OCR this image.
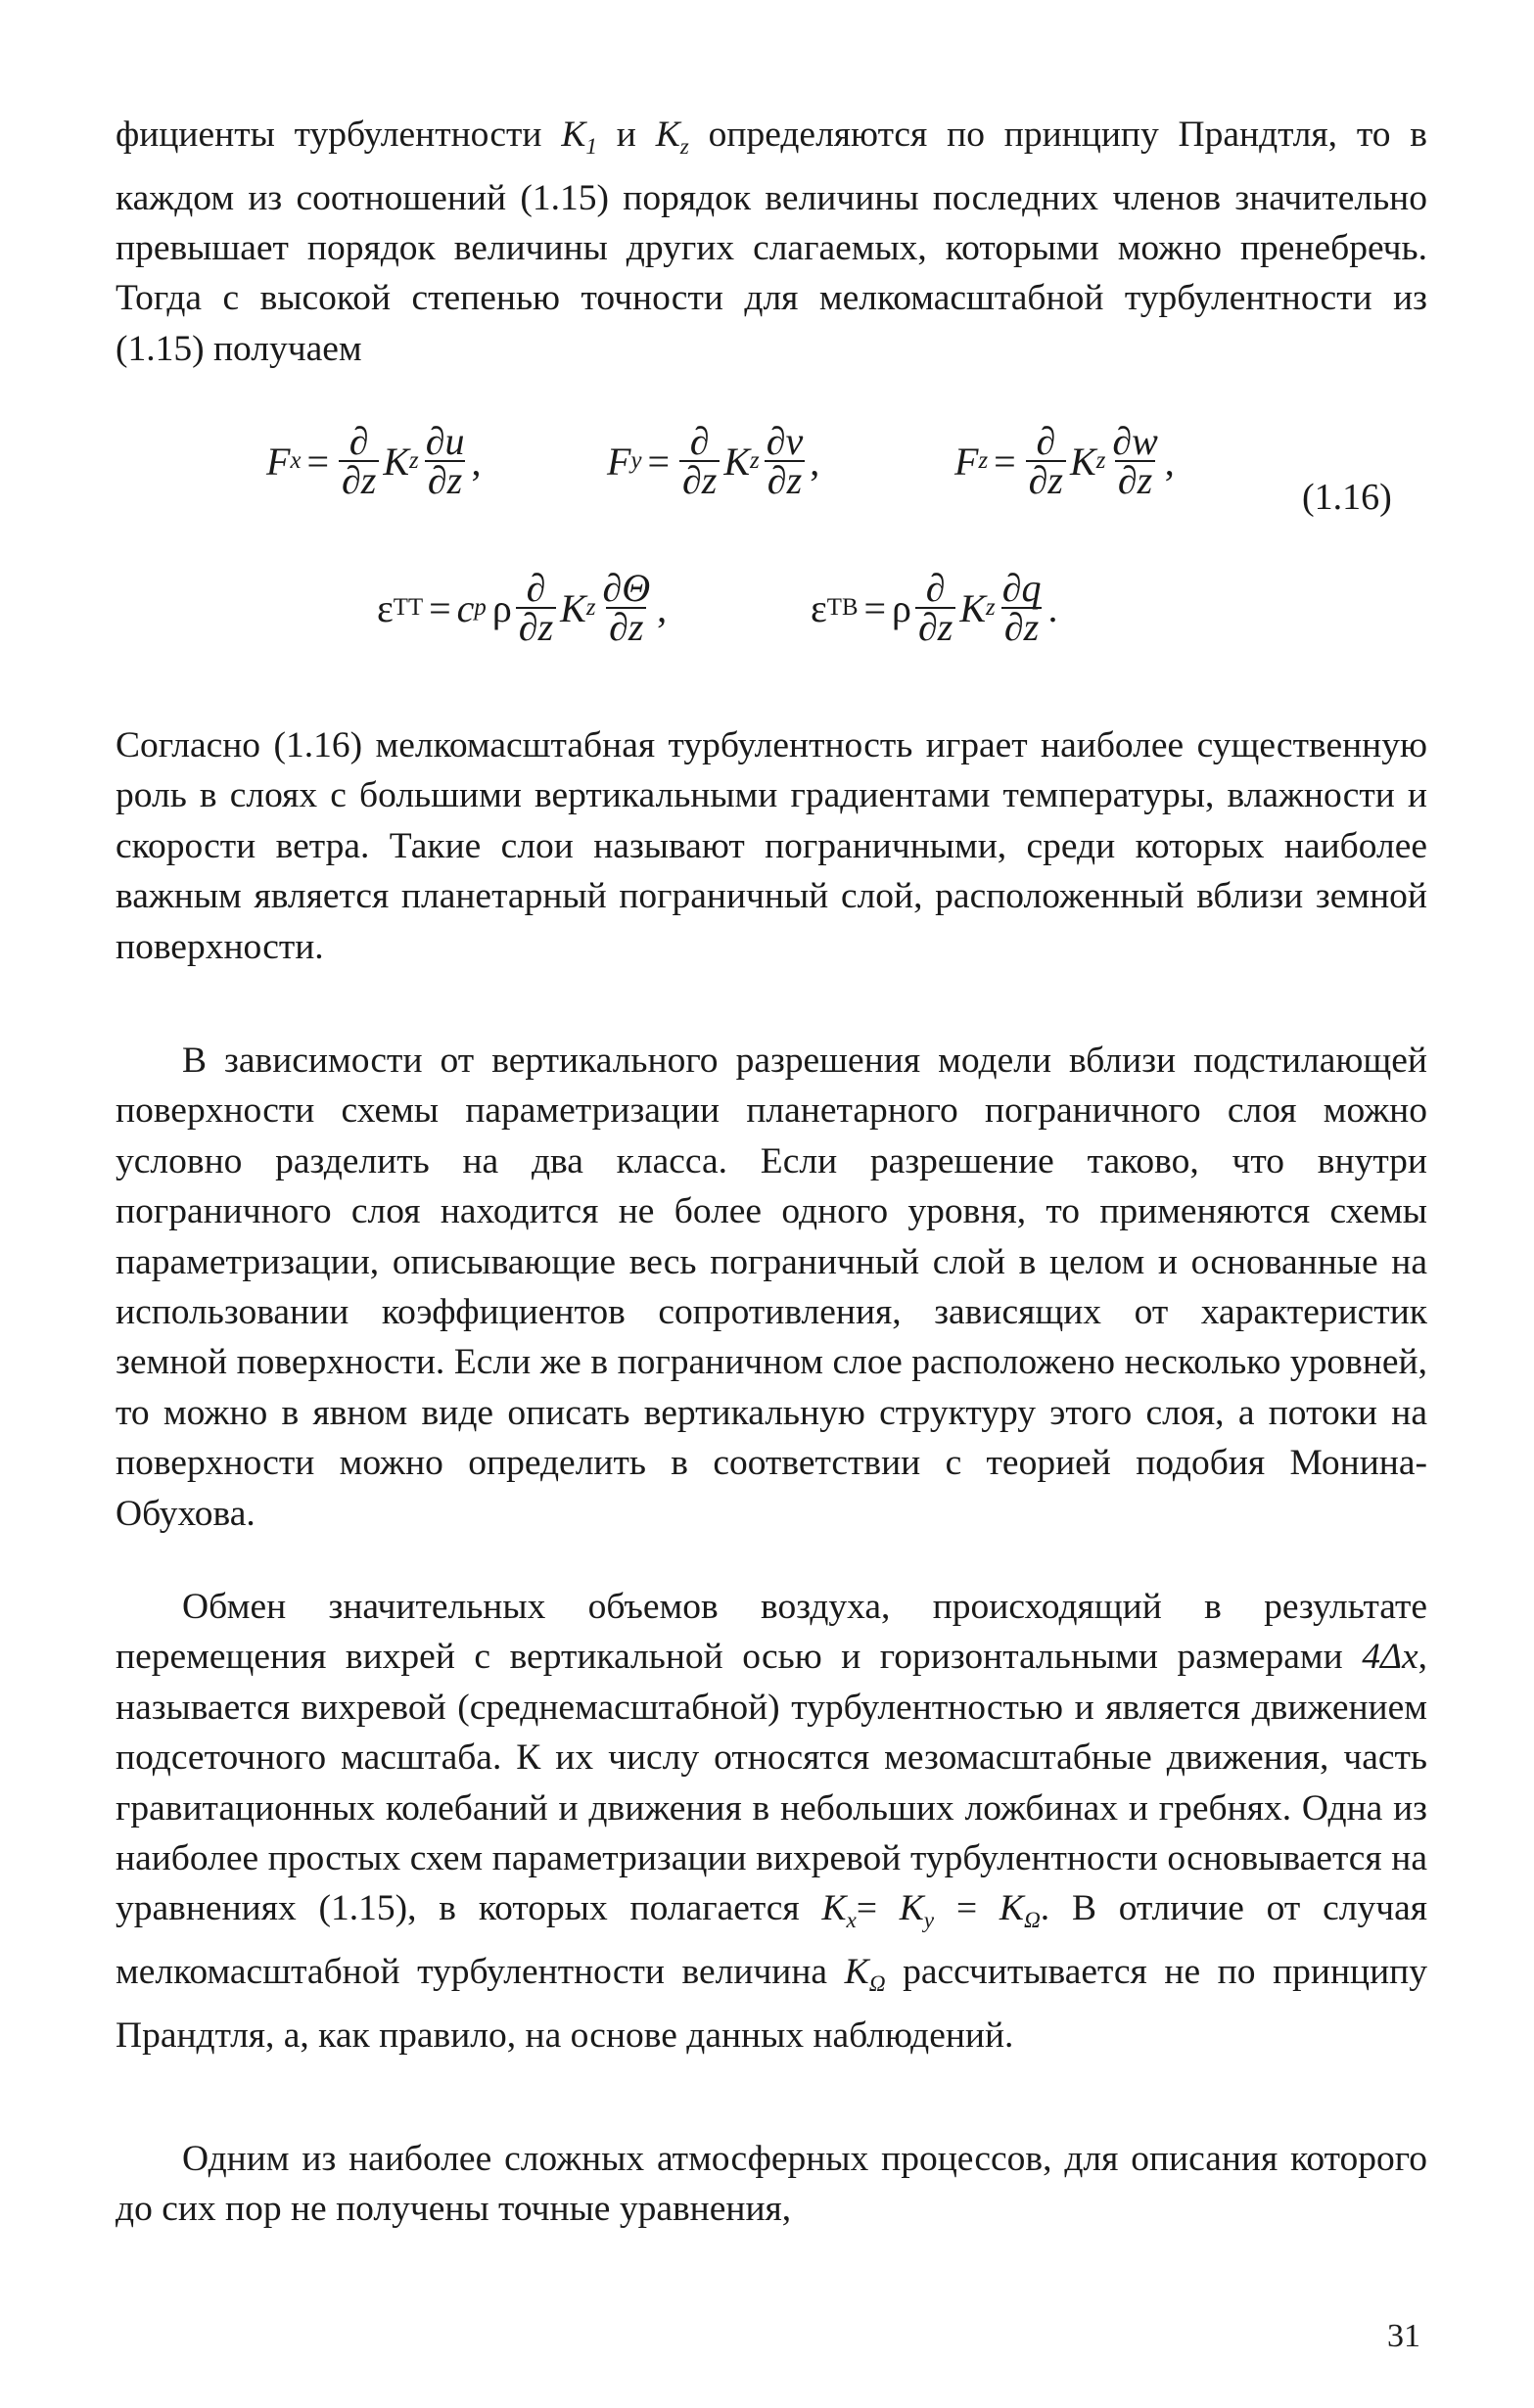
фициенты турбулентности $K_1$ и $K_z$ определяются по принципу Прандтля, то в каждом из соотношений (1.15) порядок величины последних членов значительно превышает порядок величины других слагаемых, которыми можно пренебречь. Тогда с высокой степенью точности для мелкомасштабной турбулентности из (1.15) получаем

F $x = \frac{\partial}{\partial z}$ K z $\frac{\partial u}{\partial z}$ ,	F $y = \frac{\partial}{\partial z}$ K z $\frac{\partial v}{\partial z}$ ,	F $z = \frac{\partial}{\partial z}$ K z $\frac{\partial w}{\partial z}$ ,
(1.16)
ε TT = c p ρ $\frac{\partial}{\partial z}$ K z $\frac{\partial\Theta}{\partial z}$ ,	ε TB = ρ $\frac{\partial}{\partial z}$ K z $\frac{\partial q}{\partial z}$ .

Согласно (1.16) мелкомасштабная турбулентность играет наиболее существенную роль в слоях с большими вертикальными градиентами температуры, влажности и скорости ветра. Такие слои называют пограничными, среди которых наиболее важным является планетарный пограничный слой, расположенный вблизи земной поверхности.

В зависимости от вертикального разрешения модели вблизи подстилающей поверхности схемы параметризации планетарного пограничного слоя можно условно разделить на два класса. Если разрешение таково, что внутри пограничного слоя находится не более одного уровня, то применяются схемы параметризации, описывающие весь пограничный слой в целом и основанные на использовании коэффициентов сопротивления, зависящих от характеристик земной поверхности. Если же в пограничном слое расположено несколько уровней, то можно в явном виде описать вертикальную структуру этого слоя, а потоки на поверхности можно определить в соответствии с теорией подобия Монина-Обухова.

Обмен значительных объемов воздуха, происходящий в результате перемещения вихрей с вертикальной осью и горизонтальными размерами 4Δx, называется вихревой (среднемасштабной) турбулентностью и является движением подсеточного масштаба. К их числу относятся мезомасштабные движения, часть гравитационных колебаний и движения в небольших ложбинах и гребнях. Одна из наиболее простых схем параметризации вихревой турбулентности основывается на уравнениях (1.15), в которых полагается $K_x= K_y = K_\Omega$. В отличие от случая мелкомасштабной турбулентности величина $K_\Omega$ рассчитывается не по принципу Прандтля, а, как правило, на основе данных наблюдений.

Одним из наиболее сложных атмосферных процессов, для описания которого до сих пор не получены точные уравнения,

31
